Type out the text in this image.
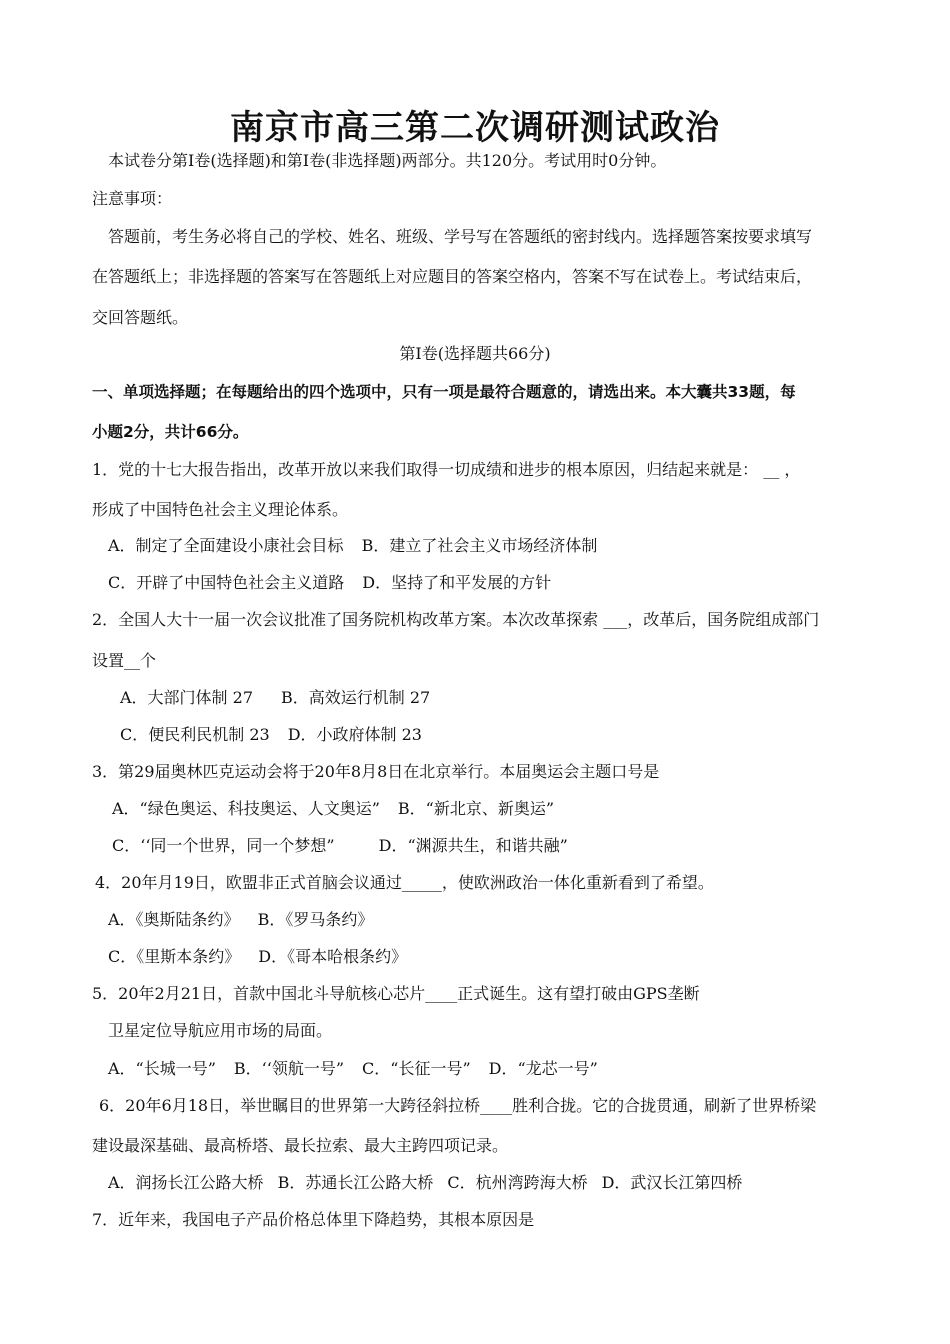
南京市高三第二次调研测试政治
本试卷分第Ⅰ卷(选择题)和第Ⅰ卷(非选择题)两部分。共120分。考试用时0分钟。
注意事项：
答题前，考生务必将自己的学校、姓名、班级、学号写在答题纸的密封线内。选择题答案按要求填写
在答题纸上；非选择题的答案写在答题纸上对应题目的答案空格内，答案不写在试卷上。考试结束后，
交回答题纸。
第Ⅰ卷(选择题共66分)
一、单项选择题；在每题给出的四个选项中，只有一项是最符合题意的，请选出来。本大囊共33题，每
小题2分，共计66分。
1．党的十七大报告指出，改革开放以来我们取得一切成绩和进步的根本原因，归结起来就是： __ ，
形成了中国特色社会主义理论体系。
A．制定了全面建设小康社会目标 B．建立了社会主义市场经济体制
C．开辟了中国特色社会主义道路 D．坚持了和平发展的方针
2．全国人大十一届一次会议批准了国务院机构改革方案。本次改革探索 ___，改革后，国务院组成部门
设置__个
A．大部门体制 27 B．高效运行机制 27
C．便民利民机制 23 D．小政府体制 23
3．第29届奥林匹克运动会将于20年8月8日在北京举行。本届奥运会主题口号是
A．“绿色奥运、科技奥运、人文奥运” B．“新北京、新奥运”
C．‘‘同一个世界，同一个梦想”	D．“渊源共生，和谐共融”
4．20年月19日，欧盟非正式首脑会议通过_____，使欧洲政治一体化重新看到了希望。
A．《奥斯陆条约》 B．《罗马条约》
C．《里斯本条约》 D．《哥本哈根条约》
5．20年2月21日，首款中国北斗导航核心芯片____正式诞生。这有望打破由GPS垄断
卫星定位导航应用市场的局面。
A．“长城一号” B．‘‘领航一号” C．“长征一号” D．“龙芯一号”
6．20年6月18日，举世瞩目的世界第一大跨径斜拉桥____胜利合拢。它的合拢贯通，刷新了世界桥梁
建设最深基础、最高桥塔、最长拉索、最大主跨四项记录。
A．润扬长江公路大桥 B．苏通长江公路大桥 C．杭州湾跨海大桥 D．武汉长江第四桥
7．近年来，我国电子产品价格总体里下降趋势，其根本原因是
